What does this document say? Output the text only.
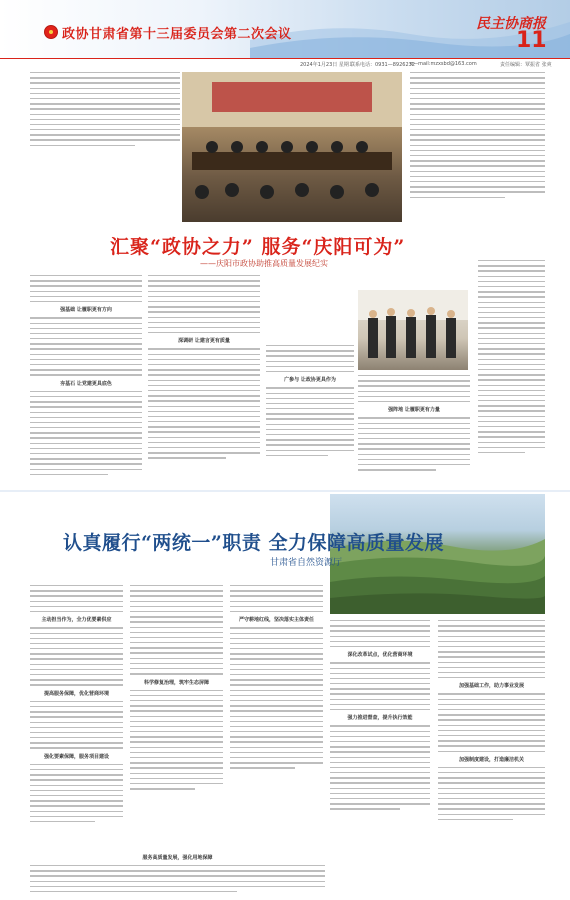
政协甘肃省第十三届委员会第二次会议
民主协商报
11
2024年1月23日 星期二
联系电话：0931—8926232
e—mail:mzxsbd@163.com	责任编辑：覃振省 张爽
汇聚“政协之力” 服务“庆阳可为”
——庆阳市政协助推高质量发展纪实
强基础 让履职更有方向
夯基石 让党建更具底色
深调研 让建言更有质量
广参与 让政协更具作为
强阵地 让履职更有力量
认真履行“两统一”职责 全力保障高质量发展
甘肃省自然资源厅
主动担当作为，全力优要素供应
提高服务保障，优化营商环境
强化要素保障，服务项目建设
科学修复治理，筑牢生态屏障
严守耕地红线，坚决落实主体责任
深化改革试点，优化营商环境
强力推进督查，提升执行效能
加强基础工作，助力事业发展
加强制度建设，打造廉洁机关
服务高质量发展，强化用地保障
